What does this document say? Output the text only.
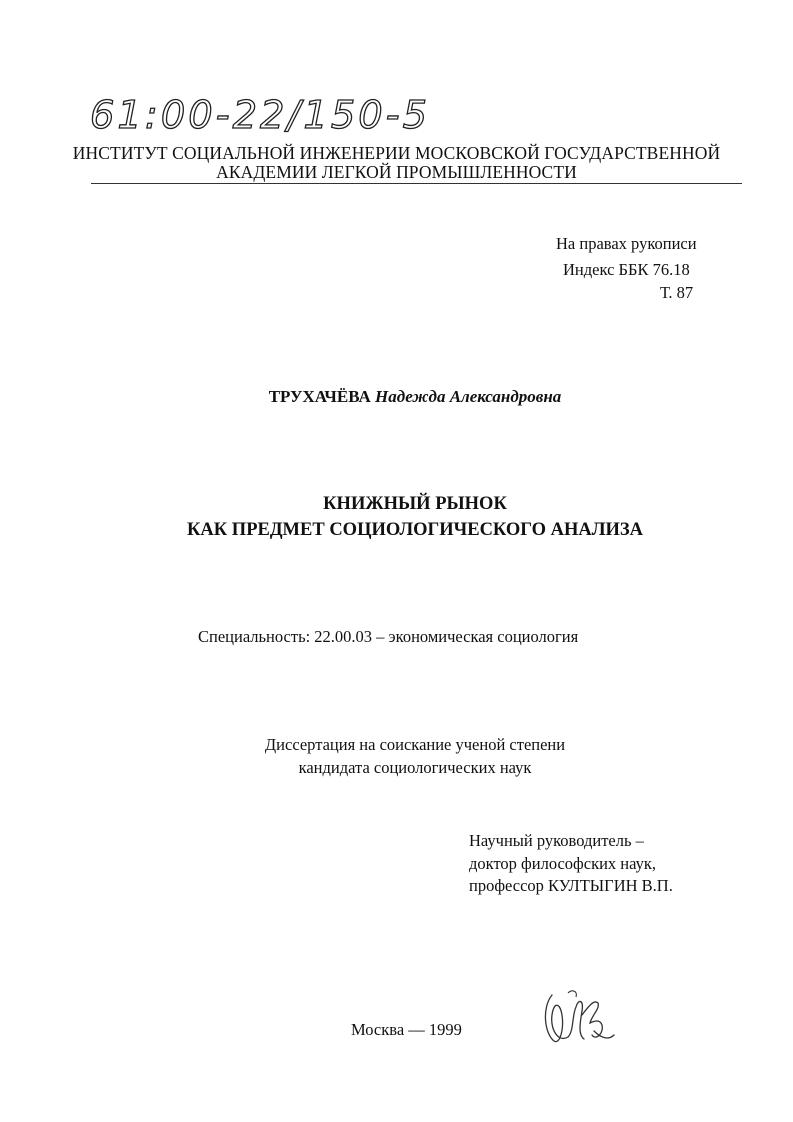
61:00-22/150-5
ИНСТИТУТ СОЦИАЛЬНОЙ ИНЖЕНЕРИИ МОСКОВСКОЙ ГОСУДАРСТВЕННОЙ
АКАДЕМИИ ЛЕГКОЙ ПРОМЫШЛЕННОСТИ
На правах рукописи
Индекс ББК 76.18
Т. 87
ТРУХАЧЁВА Надежда Александровна
КНИЖНЫЙ РЫНОК
КАК ПРЕДМЕТ СОЦИОЛОГИЧЕСКОГО АНАЛИЗА
Специальность: 22.00.03 – экономическая социология
Диссертация на соискание ученой степени
кандидата социологических наук
Научный руководитель –
доктор философских наук,
профессор КУЛТЫГИН В.П.
Москва — 1999
